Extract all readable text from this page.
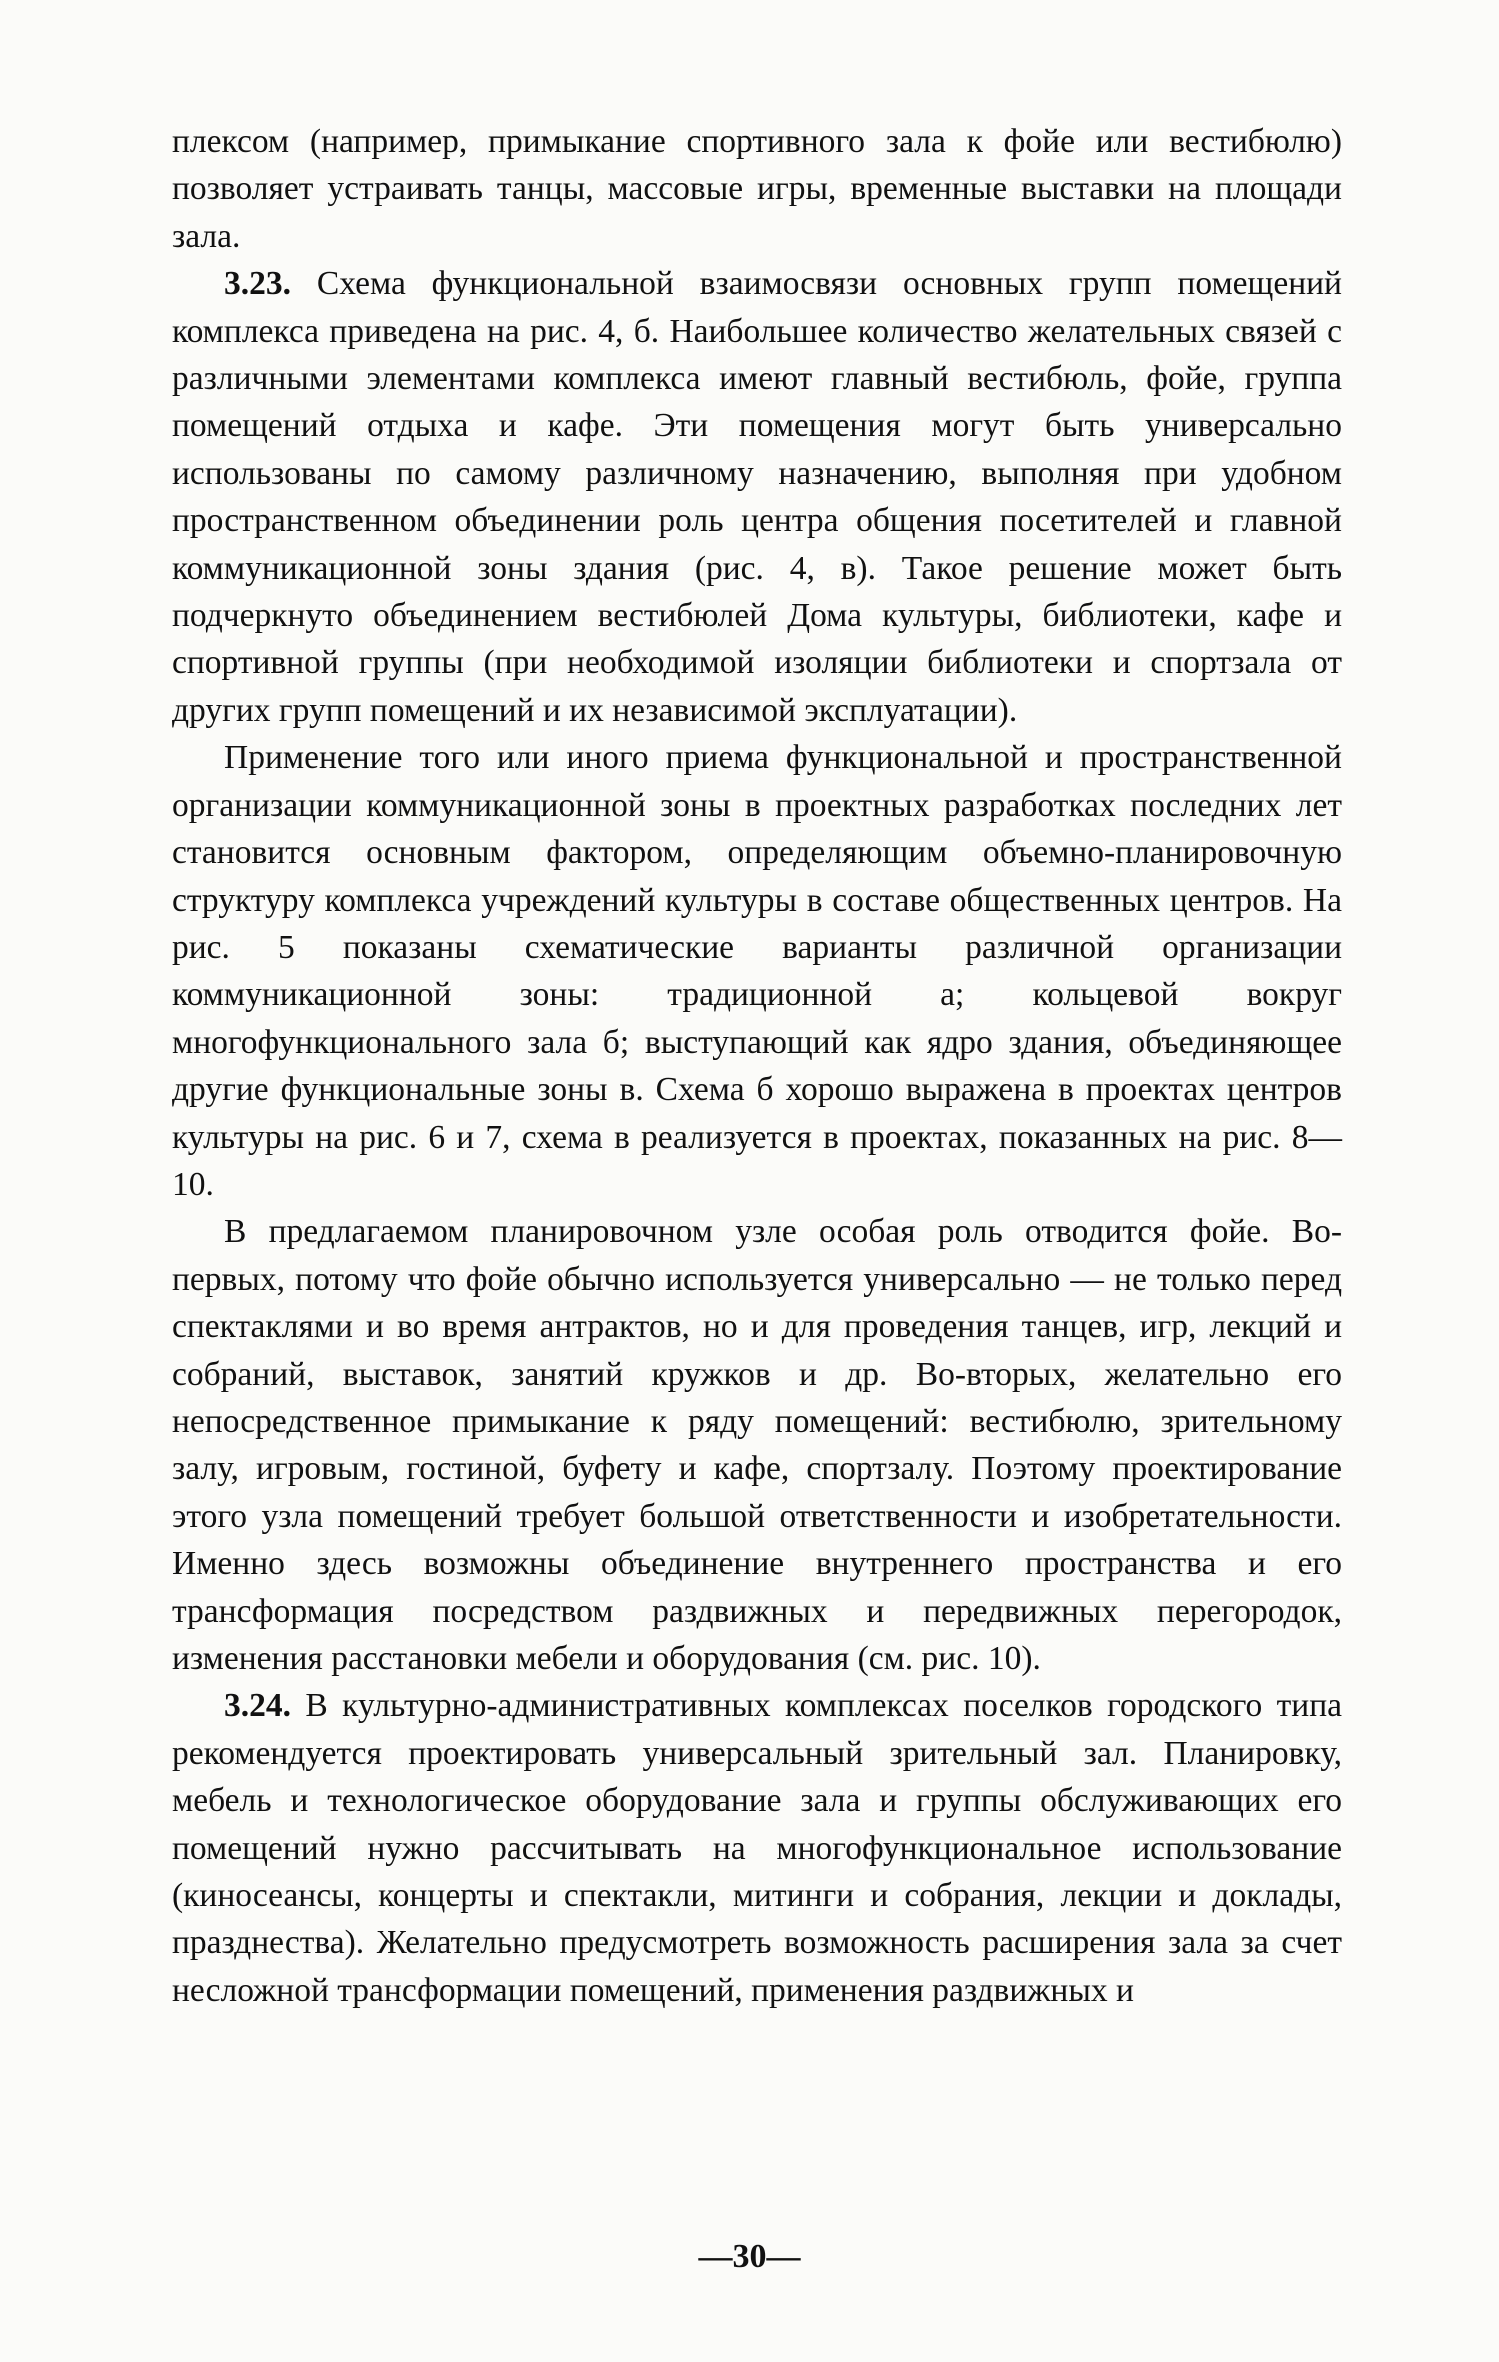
плексом (например, примыкание спортивного зала к фойе или вестибюлю) позволяет устраивать танцы, массовые игры, временные выставки на площади зала.

3.23. Схема функциональной взаимосвязи основных групп помещений комплекса приведена на рис. 4, б. Наибольшее количество желательных связей с различными элементами комплекса имеют главный вестибюль, фойе, группа помещений отдыха и кафе. Эти помещения могут быть универсально использованы по самому различному назначению, выполняя при удобном пространственном объединении роль центра общения посетителей и главной коммуникационной зоны здания (рис. 4, в). Такое решение может быть подчеркнуто объединением вестибюлей Дома культуры, библиотеки, кафе и спортивной группы (при необходимой изоляции библиотеки и спортзала от других групп помещений и их независимой эксплуатации).

Применение того или иного приема функциональной и пространственной организации коммуникационной зоны в проектных разработках последних лет становится основным фактором, определяющим объемно-планировочную структуру комплекса учреждений культуры в составе общественных центров. На рис. 5 показаны схематические варианты различной организации коммуникационной зоны: традиционной а; кольцевой вокруг многофункционального зала б; выступающий как ядро здания, объединяющее другие функциональные зоны в. Схема б хорошо выражена в проектах центров культуры на рис. 6 и 7, схема в реализуется в проектах, показанных на рис. 8—10.

В предлагаемом планировочном узле особая роль отводится фойе. Во-первых, потому что фойе обычно используется универсально — не только перед спектаклями и во время антрактов, но и для проведения танцев, игр, лекций и собраний, выставок, занятий кружков и др. Во-вторых, желательно его непосредственное примыкание к ряду помещений: вестибюлю, зрительному залу, игровым, гостиной, буфету и кафе, спортзалу. Поэтому проектирование этого узла помещений требует большой ответственности и изобретательности. Именно здесь возможны объединение внутреннего пространства и его трансформация посредством раздвижных и передвижных перегородок, изменения расстановки мебели и оборудования (см. рис. 10).

3.24. В культурно-административных комплексах поселков городского типа рекомендуется проектировать универсальный зрительный зал. Планировку, мебель и технологическое оборудование зала и группы обслуживающих его помещений нужно рассчитывать на многофункциональное использование (киносеансы, концерты и спектакли, митинги и собрания, лекции и доклады, празднества). Желательно предусмотреть возможность расширения зала за счет несложной трансформации помещений, применения раздвижных и

—30—
